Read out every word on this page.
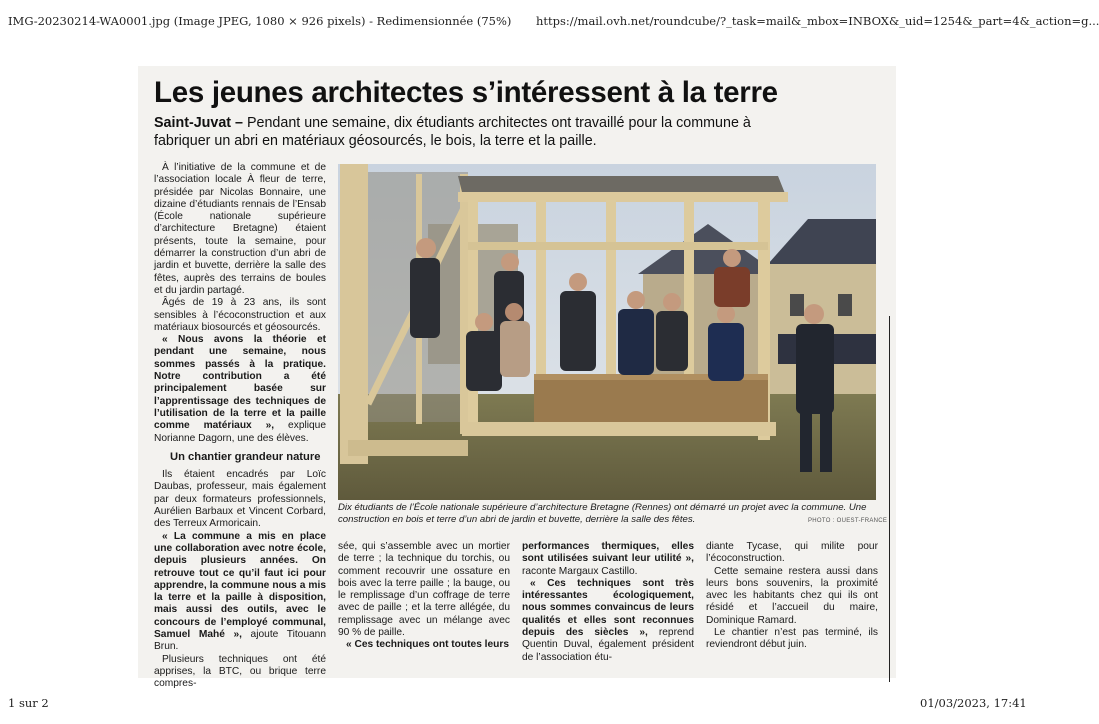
IMG-20230214-WA0001.jpg (Image JPEG, 1080 × 926 pixels) - Redimensionnée (75%) https://mail.ovh.net/roundcube/?_task=mail&_mbox=INBOX&_uid=1254&_part=4&_action=g...
1 sur 2	01/03/2023, 17:41
Les jeunes architectes s’intéressent à la terre
Saint-Juvat – Pendant une semaine, dix étudiants architectes ont travaillé pour la commune à fabriquer un abri en matériaux géosourcés, le bois, la terre et la paille.

À l’initiative de la commune et de l’association locale À fleur de terre, présidée par Nicolas Bonnaire, une dizaine d’étudiants rennais de l’Ensab (École nationale supérieure d’architecture Bretagne) étaient présents, toute la semaine, pour démarrer la construction d’un abri de jardin et buvette, derrière la salle des fêtes, auprès des terrains de boules et du jardin partagé.

Âgés de 19 à 23 ans, ils sont sensibles à l’écoconstruction et aux matériaux biosourcés et géosourcés.

« Nous avons la théorie et pendant une semaine, nous sommes passés à la pratique. Notre contribution a été principalement basée sur l’apprentissage des techniques de l’utilisation de la terre et la paille comme matériaux », explique Norianne Dagorn, une des élèves.

Un chantier grandeur nature

Ils étaient encadrés par Loïc Daubas, professeur, mais également par deux formateurs professionnels, Aurélien Barbaux et Vincent Corbard, des Terreux Armoricain.

« La commune a mis en place une collaboration avec notre école, depuis plusieurs années. On retrouve tout ce qu’il faut ici pour apprendre, la commune nous a mis la terre et la paille à disposition, mais aussi des outils, avec le concours de l’employé communal, Samuel Mahé », ajoute Titouann Brun.

Plusieurs techniques ont été apprises, la BTC, ou brique terre compres-

Dix étudiants de l’École nationale supérieure d’architecture Bretagne (Rennes) ont démarré un projet avec la commune. Une construction en bois et terre d’un abri de jardin et buvette, derrière la salle des fêtes.	PHOTO : OUEST-FRANCE

sée, qui s’assemble avec un mortier de terre ; la technique du torchis, ou comment recouvrir une ossature en bois avec la terre paille ; la bauge, ou le remplissage d’un coffrage de terre avec de paille ; et la terre allégée, du remplissage avec un mélange avec 90 % de paille.

« Ces techniques ont toutes leurs

performances thermiques, elles sont utilisées suivant leur utilité », raconte Margaux Castillo.

« Ces techniques sont très intéressantes écologiquement, nous sommes convaincus de leurs qualités et elles sont reconnues depuis des siècles », reprend Quentin Duval, également président de l’association étu-

diante Tycase, qui milite pour l’écoconstruction.

Cette semaine restera aussi dans leurs bons souvenirs, la proximité avec les habitants chez qui ils ont résidé et l’accueil du maire, Dominique Ramard.

Le chantier n’est pas terminé, ils reviendront début juin.
